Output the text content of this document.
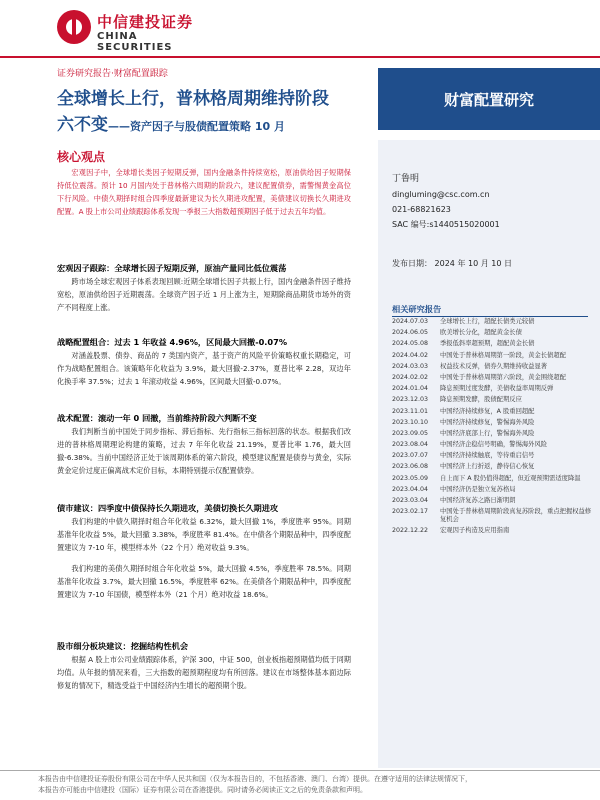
中信建投证券
CHINA SECURITIES
证券研究报告·财富配置跟踪
全球增长上行，普林格周期维持阶段
六不变——资产因子与股债配置策略 10 月
财富配置研究
核心观点

宏观因子中，全球增长类因子短期反弹，国内金融条件持续宽松，原油供给因子短期保持低位震荡。预计 10 月国内处于普林格六周期的阶段六，建议配置债券，需警惕黄金高位下行风险。中债久期择时组合四季度最新建议为长久期进攻配置，美债建议切换长久期进攻配置。A 股上市公司业绩跟踪体系发现一季报三大指数超预期因子低于过去五年均值。

宏观因子跟踪：全球增长因子短期反弹，原油产量同比低位震荡

跨市场全球宏观因子体系表现回顾:近期全球增长因子共振上行，国内金融条件因子维持宽松，原油供给因子近期震荡。全球资产因子近 1 月上涨为主，短期除商品期货市场外的资产不同程度上涨。

战略配置组合：过去 1 年收益 4.96%，区间最大回撤-0.07%

对涵盖股票、债券、商品的 7 类国内资产，基于资产的风险平价策略权重长期稳定，可作为战略配置组合。该策略年化收益为 3.9%，最大回撤-2.37%，夏普比率 2.28，双边年化换手率 37.5%；过去 1 年滚动收益 4.96%，区间最大回撤-0.07%。

战术配置：滚动一年 0 回撤，当前维持阶段六判断不变

我们判断当前中国处于同步指标、滞后指标、先行指标三指标回落的状态。根据我们改进的普林格周期理论构建的策略，过去 7 年年化收益 21.19%，夏普比率 1.76，最大回撤-6.38%。当前中国经济正处于该周期体系的第六阶段，模型建议配置是债券与黄金，实际黄金定价过度正偏离战术定价目标，本期特别提示仅配置债券。

债市建议：四季度中债保持长久期进攻，美债切换长久期进攻

我们构建的中债久期择时组合年化收益 6.32%，最大回撤 1%，季度胜率 95%。同期基准年化收益 5%，最大回撤 3.38%，季度胜率 81.4%。在中债各个期限品种中，四季度配置建议为 7-10 年，模型样本外（22 个月）绝对收益 9.3%。

我们构建的美债久期择时组合年化收益 5%，最大回撤 4.5%，季度胜率 78.5%。同期基准年化收益 3.7%，最大回撤 16.5%，季度胜率 62%。在美债各个期限品种中，四季度配置建议为 7-10 年国债，模型样本外（21 个月）绝对收益 18.6%。

股市细分板块建议：挖掘结构性机会

根据 A 股上市公司业绩跟踪体系，沪深 300，中证 500，创业板指超预期值均低于同期均值。从年报的情况来看，三大指数的超预期程度均有所回落。建议在市场整体基本面边际修复的情况下，精选受益于中国经济内生增长的超预期个股。

丁鲁明
dingluming@csc.com.cn
021-68821623
SAC 编号:s1440515020001
发布日期： 2024 年 10 月 10 日
相关研究报告
2024.07.03	全球增长上行，超配长债类元较债
2024.06.05	欧美增长分化，超配黄金长债
2024.05.08	季报低斜率超预期，超配黄金长债
2024.04.02	中国处于普林格周期第一阶段，黄金长债超配
2024.03.03	权益技术反弹，债券久期维持收益显著
2024.02.02	中国处于普林格周期第六阶段，黄金围绕超配
2024.01.04	降息预期过度发酵，美债收益率周期反弹
2023.12.03	降息预期发酵，股债配期反应
2023.11.01	中国经济持续修复，A 股重回超配
2023.10.10	中国经济持续修复，警惕海外风险
2023.09.05	中国经济底部上行，警惕海外风险
2023.08.04	中国经济企稳信号明确，警惕海外风险
2023.07.07	中国经济持续触底，等待重启信号
2023.06.08	中国经济上行折返，静待信心恢复
2023.05.09	自上而下 A 股仍值得超配，但近观预期需适度降温
2023.04.04	中国经济仍是独立复苏格局
2023.03.04	中国经济复苏之路日渐明朗
2023.02.17	中国处于普林格周期阶段真复苏阶段，重点把握权益修复机会
2022.12.22	宏观因子构造及应用指南
本报告由中信建投证券股份有限公司在中华人民共和国（仅为本报告目的，不包括香港、澳门、台湾）提供。在遵守适用的法律法规情况下，
本报告亦可能由中信建投（国际）证券有限公司在香港提供。同时请务必阅读正文之后的免责条款和声明。
